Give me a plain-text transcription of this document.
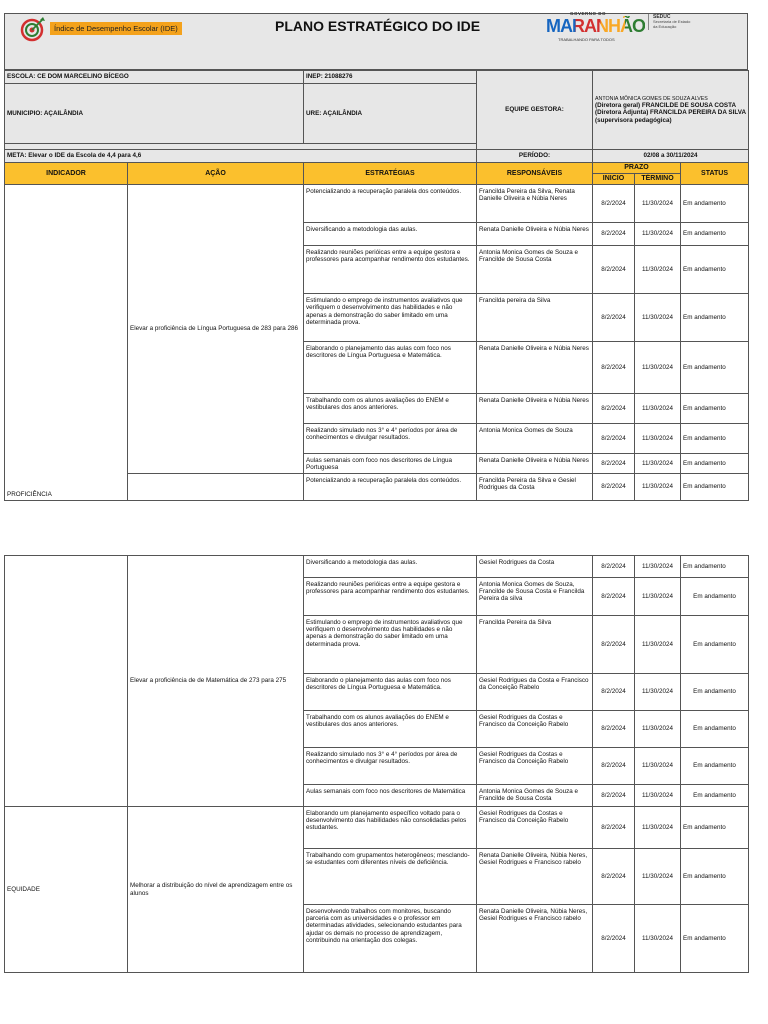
Índice de Desempenho Escolar (IDE)	PLANO ESTRATÉGICO DO IDE
GOVERNO DO
MARANHÃO
TRABALHANDO PARA TODOS
SEDUC
Secretaria de Estado da Educação
ESCOLA: CE DOM MARCELINO BÍCEGO		INEP: 21088276	EQUIPE GESTORA:	ANTONIA MÔNICA GOMES DE SOUZA ALVES
(Diretora geral) FRANCILDE DE SOUSA COSTA (Diretora Adjunta) FRANCILDA PEREIRA DA SILVA (supervisora pedagógica)		

MUNICIPIO: AÇAILÂNDIA		URE: AÇAILÂNDIA				

META: Elevar o IDE da Escola de 4,4 para 4,6			PERÍODO:	02/08 a 30/11/2024		
INDICADOR	AÇÃO	ESTRATÉGIAS	RESPONSÁVEIS	PRAZO		STATUS
				INICIO	TÉRMINO	
PROFICIÊNCIA	Elevar a proficiência de Língua Portuguesa de 283 para 286	Potencializando a recuperação paralela dos conteúdos.	Francilda Pereira da Silva, Renata Danielle Oliveira e Núbia Neres	8/2/2024	11/30/2024	Em andamento
		Diversificando a metodologia das aulas.	Renata Danielle Oliveira e Núbia Neres	8/2/2024	11/30/2024	Em andamento
		Realizando reuniões perióicas entre a equipe gestora e professores para acompanhar rendimento dos estudantes.	Antonia Monica Gomes de Souza e Francilde de Sousa Costa	8/2/2024	11/30/2024	Em andamento
		Estimulando o emprego de instrumentos avaliativos que verifiquem o desenvolvimento das habilidades e não apenas a demonstração do saber limitado em uma determinada prova.	Francilda pereira da Silva	8/2/2024	11/30/2024	Em andamento
		Elaborando o planejamento das aulas com foco nos descritores de Língua Portuguesa e Matemática.	Renata Danielle Oliveira e Núbia Neres	8/2/2024	11/30/2024	Em andamento
		Trabalhando com os alunos avaliações do ENEM e vestibulares dos anos anteriores.	Renata Danielle Oliveira e Núbia Neres	8/2/2024	11/30/2024	Em andamento
		Realizando simulado nos 3° e 4° períodos por área de conhecimentos e divulgar resultados.	Antonia Monica Gomes de Souza	8/2/2024	11/30/2024	Em andamento
		Aulas semanais com foco nos descritores de Língua Portuguesa	Renata Danielle Oliveira e Núbia Neres	8/2/2024	11/30/2024	Em andamento
		Potencializando a recuperação paralela dos conteúdos.	Francilda Pereira da Silva e Gesiel Rodrigues da Costa	8/2/2024	11/30/2024	Em andamento
	Elevar a proficiência de de Matemática de 273 para 275	Diversificando a metodologia das aulas.	Gesiel Rodrigues da Costa	8/2/2024	11/30/2024	Em andamento
		Realizando reuniões perióicas entre a equipe gestora e professores para acompanhar rendimento dos estudantes.	Antonia Monica Gomes de Souza, Francilde de Sousa Costa e Francilda Pereira da silva	8/2/2024	11/30/2024	Em andamento
		Estimulando o emprego de instrumentos avaliativos que verifiquem o desenvolvimento das habilidades e não apenas a demonstração do saber limitado em uma determinada prova.	Francilda Pereira da Silva	8/2/2024	11/30/2024	Em andamento
		Elaborando o planejamento das aulas com foco nos descritores de Língua Portuguesa e Matemática.	Gesiel Rodrigues da Costa e Francisco da Conceição Rabelo	8/2/2024	11/30/2024	Em andamento
		Trabalhando com os alunos avaliações do ENEM e vestibulares dos anos anteriores.	Gesiel Rodrigues da Costas e Francisco da Conceição Rabelo	8/2/2024	11/30/2024	Em andamento
		Realizando simulado nos 3° e 4° períodos por área de conhecimentos e divulgar resultados.	Gesiel Rodrigues da Costas e Francisco da Conceição Rabelo	8/2/2024	11/30/2024	Em andamento
		Aulas semanais com foco nos descritores de Matemática	Antonia Monica Gomes de Souza e Francilde de Sousa Costa	8/2/2024	11/30/2024	Em andamento
EQUIDADE	Melhorar a distribuição do nível de aprendizagem entre os alunos	Elaborando um planejamento específico voltado para o desenvolvimento das habilidades não consolidadas pelos estudantes.	Gesiel Rodrigues da Costas e Francisco da Conceição Rabelo	8/2/2024	11/30/2024	Em andamento
		Trabalhando com grupamentos heterogêneos; mesclando-se estudantes com diferentes níveis de deficiência.	Renata Danielle Oliveira, Núbia Neres, Gesiel Rodrigues e Francisco rabelo	8/2/2024	11/30/2024	Em andamento
		Desenvolvendo trabalhos com monitores, buscando parceria com as universidades e o professor em determinadas atividades, selecionando estudantes para ajudar os demais no processo de aprendizagem, contribuindo na orientação dos colegas.	Renata Danielle Oliveira, Núbia Neres, Gesiel Rodrigues e Francisco rabelo	8/2/2024	11/30/2024	Em andamento
